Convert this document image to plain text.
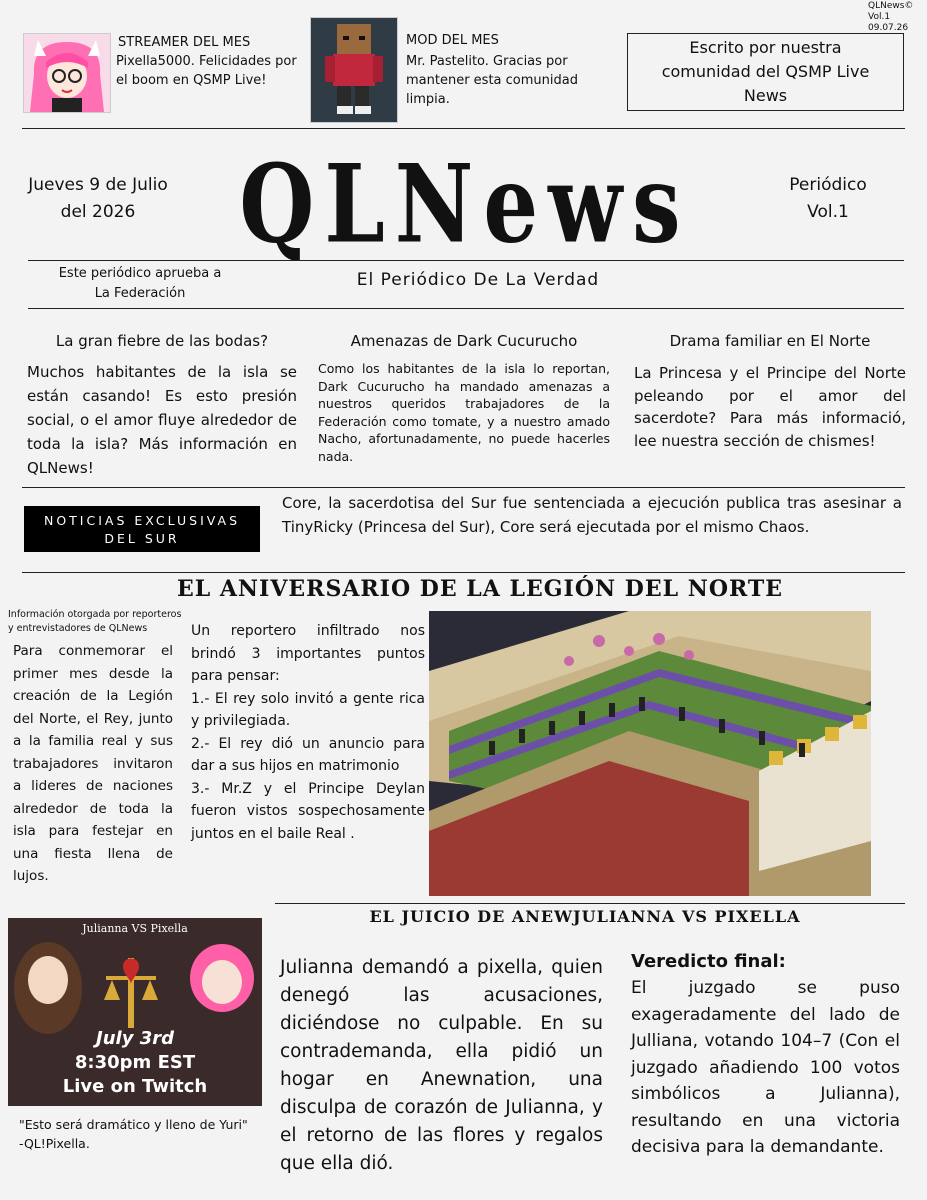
QLNews©
Vol.1
09.07.26
STREAMER DEL MES
Pixella5000. Felicidades por el boom en QSMP Live!
MOD DEL MES
Mr. Pastelito. Gracias por mantener esta comunidad limpia.
Escrito por nuestra comunidad del QSMP Live News
Jueves 9 de Julio
del 2026	QLNews	Periódico
Vol.1
Este periódico aprueba a
La Federación
El Periódico De La Verdad
La gran fiebre de las bodas?
Muchos habitantes de la isla se están casando! Es esto presión social, o el amor fluye alrededor de toda la isla? Más información en QLNews!
Amenazas de Dark Cucurucho
Como los habitantes de la isla lo reportan, Dark Cucurucho ha mandado amenazas a nuestros queridos trabajadores de la Federación como tomate, y a nuestro amado Nacho, afortunadamente, no puede hacerles nada.
Drama familiar en El Norte
La Princesa y el Principe del Norte peleando por el amor del sacerdote? Para más informació, lee nuestra sección de chismes!
NOTICIAS EXCLUSIVAS
DEL SUR
Core, la sacerdotisa del Sur fue sentenciada a ejecución publica tras asesinar a TinyRicky (Princesa del Sur), Core será ejecutada por el mismo Chaos.
EL ANIVERSARIO DE LA LEGIÓN DEL NORTE
Información otorgada por reporteros y entrevistadores de QLNews
Para conmemorar el primer mes desde la creación de la Legión del Norte, el Rey, junto a la familia real y sus trabajadores invitaron a lideres de naciones alrededor de toda la isla para festejar en una fiesta llena de lujos.
Un reportero infiltrado nos brindó 3 importantes puntos para pensar:
1.- El rey solo invitó a gente rica y privilegiada.
2.- El rey dió un anuncio para dar a sus hijos en matrimonio
3.- Mr.Z y el Principe Deylan fueron vistos sospechosamente juntos en el baile Real .
EL JUICIO DE ANEWJULIANNA VS PIXELLA
Julianna VS Pixella
July 3rd
8:30pm EST
Live on Twitch
"Esto será dramático y lleno de Yuri" -QL!Pixella.
Julianna demandó a pixella, quien denegó las acusaciones, diciéndose no culpable. En su contrademanda, ella pidió un hogar en Anewnation, una disculpa de corazón de Julianna, y el retorno de las flores y regalos que ella dió.
Veredicto final:
El juzgado se puso exageradamente del lado de Julliana, votando 104–7 (Con el juzgado añadiendo 100 votos simbólicos a Julianna), resultando en una victoria decisiva para la demandante.
